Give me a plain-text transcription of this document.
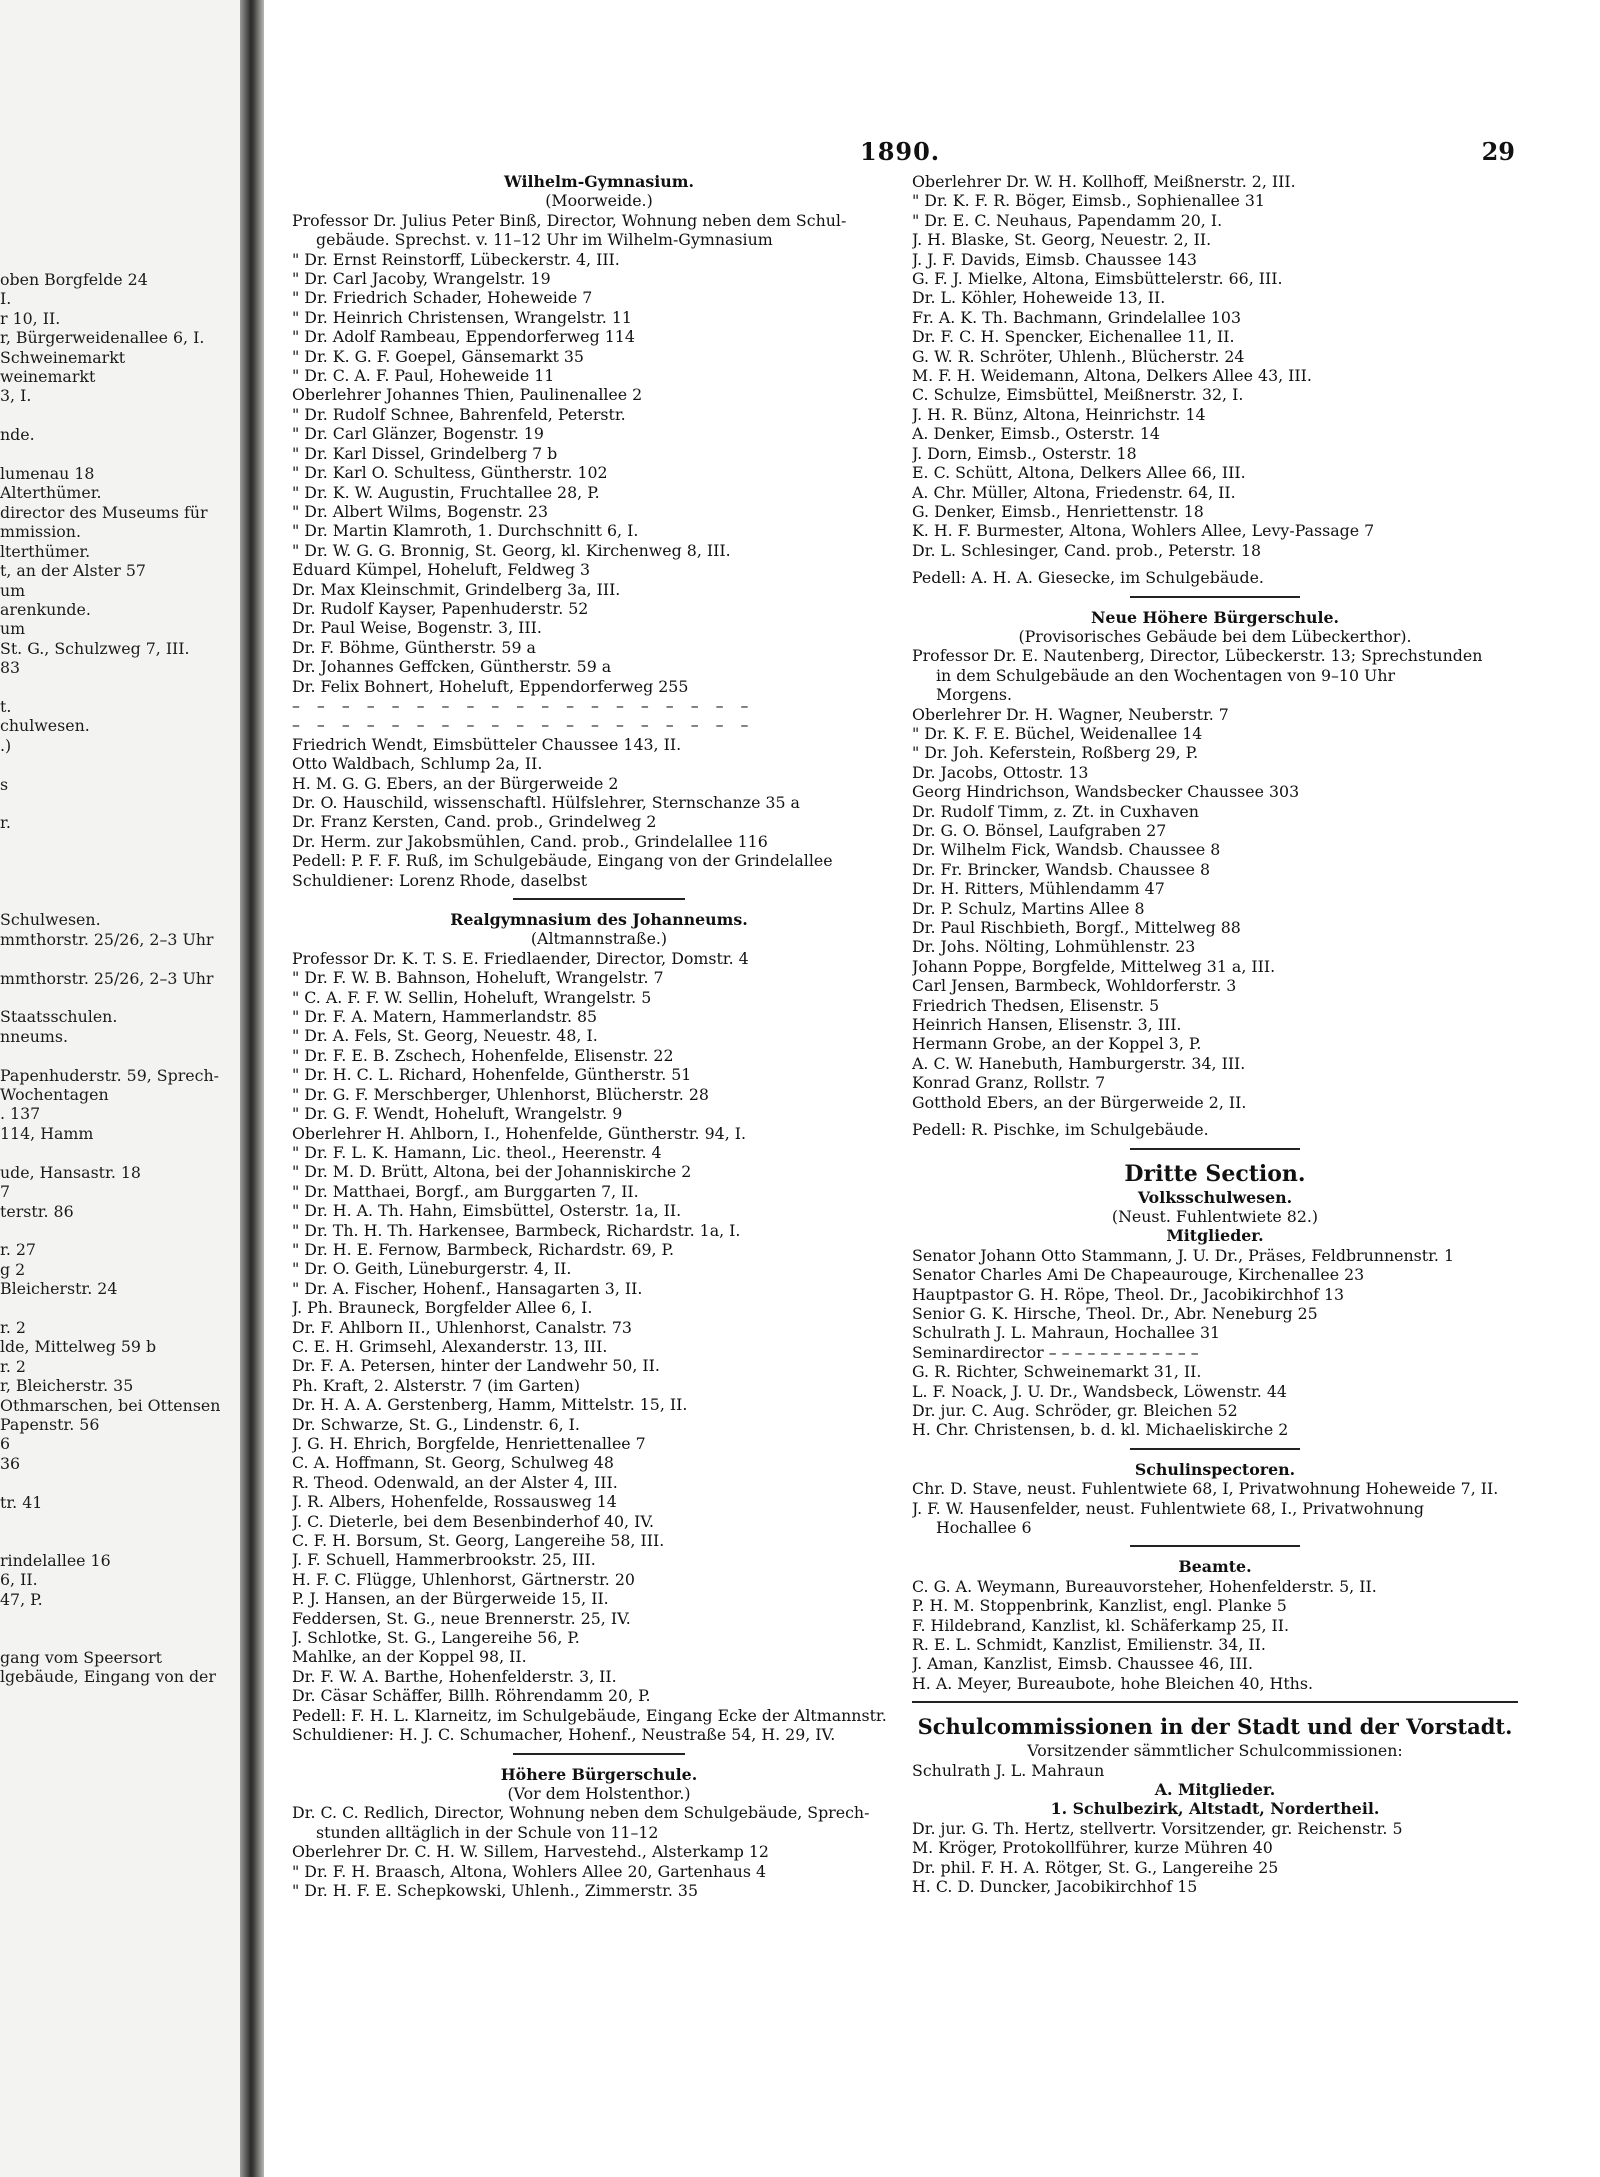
oben Borgfelde 24
I.
r 10, II.
r, Bürgerweidenallee 6, I.
Schweinemarkt
weinemarkt
3, I.

nde.

lumenau 18
Alterthümer.
director des Museums für
mmission.
lterthümer.
t, an der Alster 57
um
arenkunde.
um
St. G., Schulzweg 7, III.
83

t.
chulwesen.
.)

s

r.

Schulwesen.
mmthorstr. 25/26, 2–3 Uhr

mmthorstr. 25/26, 2–3 Uhr

Staatsschulen.
nneums.

Papenhuderstr. 59, Sprech-
Wochentagen
. 137
114, Hamm

ude, Hansastr. 18
7
terstr. 86

r. 27
g 2
Bleicherstr. 24

r. 2
lde, Mittelweg 59 b
r. 2
r, Bleicherstr. 35
Othmarschen, bei Ottensen
Papenstr. 56
6
36

tr. 41

rindelallee 16
6, II.
47, P.

gang vom Speersort
lgebäude, Eingang von der
1890.	29
Wilhelm-Gymnasium.
(Moorweide.)
Professor Dr. Julius Peter Binß, Director, Wohnung neben dem Schul-
gebäude. Sprechst. v. 11–12 Uhr im Wilhelm-Gymnasium
" Dr. Ernst Reinstorff, Lübeckerstr. 4, III.
" Dr. Carl Jacoby, Wrangelstr. 19
" Dr. Friedrich Schader, Hoheweide 7
" Dr. Heinrich Christensen, Wrangelstr. 11
" Dr. Adolf Rambeau, Eppendorferweg 114
" Dr. K. G. F. Goepel, Gänsemarkt 35
" Dr. C. A. F. Paul, Hoheweide 11
Oberlehrer Johannes Thien, Paulinenallee 2
" Dr. Rudolf Schnee, Bahrenfeld, Peterstr.
" Dr. Carl Glänzer, Bogenstr. 19
" Dr. Karl Dissel, Grindelberg 7 b
" Dr. Karl O. Schultess, Güntherstr. 102
" Dr. K. W. Augustin, Fruchtallee 28, P.
" Dr. Albert Wilms, Bogenstr. 23
" Dr. Martin Klamroth, 1. Durchschnitt 6, I.
" Dr. W. G. G. Bronnig, St. Georg, kl. Kirchenweg 8, III.
Eduard Kümpel, Hoheluft, Feldweg 3
Dr. Max Kleinschmit, Grindelberg 3a, III.
Dr. Rudolf Kayser, Papenhuderstr. 52
Dr. Paul Weise, Bogenstr. 3, III.
Dr. F. Böhme, Güntherstr. 59 a
Dr. Johannes Geffcken, Güntherstr. 59 a
Dr. Felix Bohnert, Hoheluft, Eppendorferweg 255
– – – – – – – – – – – – – – – – – – –
– – – – – – – – – – – – – – – – – – –
Friedrich Wendt, Eimsbütteler Chaussee 143, II.
Otto Waldbach, Schlump 2a, II.
H. M. G. G. Ebers, an der Bürgerweide 2
Dr. O. Hauschild, wissenschaftl. Hülfslehrer, Sternschanze 35 a
Dr. Franz Kersten, Cand. prob., Grindelweg 2
Dr. Herm. zur Jakobsmühlen, Cand. prob., Grindelallee 116
Pedell: P. F. F. Ruß, im Schulgebäude, Eingang von der Grindelallee
Schuldiener: Lorenz Rhode, daselbst
Realgymnasium des Johanneums.
(Altmannstraße.)
Professor Dr. K. T. S. E. Friedlaender, Director, Domstr. 4
" Dr. F. W. B. Bahnson, Hoheluft, Wrangelstr. 7
" C. A. F. F. W. Sellin, Hoheluft, Wrangelstr. 5
" Dr. F. A. Matern, Hammerlandstr. 85
" Dr. A. Fels, St. Georg, Neuestr. 48, I.
" Dr. F. E. B. Zschech, Hohenfelde, Elisenstr. 22
" Dr. H. C. L. Richard, Hohenfelde, Güntherstr. 51
" Dr. G. F. Merschberger, Uhlenhorst, Blücherstr. 28
" Dr. G. F. Wendt, Hoheluft, Wrangelstr. 9
Oberlehrer H. Ahlborn, I., Hohenfelde, Güntherstr. 94, I.
" Dr. F. L. K. Hamann, Lic. theol., Heerenstr. 4
" Dr. M. D. Brütt, Altona, bei der Johanniskirche 2
" Dr. Matthaei, Borgf., am Burggarten 7, II.
" Dr. H. A. Th. Hahn, Eimsbüttel, Osterstr. 1a, II.
" Dr. Th. H. Th. Harkensee, Barmbeck, Richardstr. 1a, I.
" Dr. H. E. Fernow, Barmbeck, Richardstr. 69, P.
" Dr. O. Geith, Lüneburgerstr. 4, II.
" Dr. A. Fischer, Hohenf., Hansagarten 3, II.
J. Ph. Brauneck, Borgfelder Allee 6, I.
Dr. F. Ahlborn II., Uhlenhorst, Canalstr. 73
C. E. H. Grimsehl, Alexanderstr. 13, III.
Dr. F. A. Petersen, hinter der Landwehr 50, II.
Ph. Kraft, 2. Alsterstr. 7 (im Garten)
Dr. H. A. A. Gerstenberg, Hamm, Mittelstr. 15, II.
Dr. Schwarze, St. G., Lindenstr. 6, I.
J. G. H. Ehrich, Borgfelde, Henriettenallee 7
C. A. Hoffmann, St. Georg, Schulweg 48
R. Theod. Odenwald, an der Alster 4, III.
J. R. Albers, Hohenfelde, Rossausweg 14
J. C. Dieterle, bei dem Besenbinderhof 40, IV.
C. F. H. Borsum, St. Georg, Langereihe 58, III.
J. F. Schuell, Hammerbrookstr. 25, III.
H. F. C. Flügge, Uhlenhorst, Gärtnerstr. 20
P. J. Hansen, an der Bürgerweide 15, II.
Feddersen, St. G., neue Brennerstr. 25, IV.
J. Schlotke, St. G., Langereihe 56, P.
Mahlke, an der Koppel 98, II.
Dr. F. W. A. Barthe, Hohenfelderstr. 3, II.
Dr. Cäsar Schäffer, Billh. Röhrendamm 20, P.
Pedell: F. H. L. Klarneitz, im Schulgebäude, Eingang Ecke der Altmannstr.
Schuldiener: H. J. C. Schumacher, Hohenf., Neustraße 54, H. 29, IV.
Höhere Bürgerschule.
(Vor dem Holstenthor.)
Dr. C. C. Redlich, Director, Wohnung neben dem Schulgebäude, Sprech-
stunden alltäglich in der Schule von 11–12
Oberlehrer Dr. C. H. W. Sillem, Harvestehd., Alsterkamp 12
" Dr. F. H. Braasch, Altona, Wohlers Allee 20, Gartenhaus 4
" Dr. H. F. E. Schepkowski, Uhlenh., Zimmerstr. 35
Oberlehrer Dr. W. H. Kollhoff, Meißnerstr. 2, III.
" Dr. K. F. R. Böger, Eimsb., Sophienallee 31
" Dr. E. C. Neuhaus, Papendamm 20, I.
J. H. Blaske, St. Georg, Neuestr. 2, II.
J. J. F. Davids, Eimsb. Chaussee 143
G. F. J. Mielke, Altona, Eimsbüttelerstr. 66, III.
Dr. L. Köhler, Hoheweide 13, II.
Fr. A. K. Th. Bachmann, Grindelallee 103
Dr. F. C. H. Spencker, Eichenallee 11, II.
G. W. R. Schröter, Uhlenh., Blücherstr. 24
M. F. H. Weidemann, Altona, Delkers Allee 43, III.
C. Schulze, Eimsbüttel, Meißnerstr. 32, I.
J. H. R. Bünz, Altona, Heinrichstr. 14
A. Denker, Eimsb., Osterstr. 14
J. Dorn, Eimsb., Osterstr. 18
E. C. Schütt, Altona, Delkers Allee 66, III.
A. Chr. Müller, Altona, Friedenstr. 64, II.
G. Denker, Eimsb., Henriettenstr. 18
K. H. F. Burmester, Altona, Wohlers Allee, Levy-Passage 7
Dr. L. Schlesinger, Cand. prob., Peterstr. 18
Pedell: A. H. A. Giesecke, im Schulgebäude.
Neue Höhere Bürgerschule.
(Provisorisches Gebäude bei dem Lübeckerthor).
Professor Dr. E. Nautenberg, Director, Lübeckerstr. 13; Sprechstunden
in dem Schulgebäude an den Wochentagen von 9–10 Uhr
Morgens.
Oberlehrer Dr. H. Wagner, Neuberstr. 7
" Dr. K. F. E. Büchel, Weidenallee 14
" Dr. Joh. Keferstein, Roßberg 29, P.
Dr. Jacobs, Ottostr. 13
Georg Hindrichson, Wandsbecker Chaussee 303
Dr. Rudolf Timm, z. Zt. in Cuxhaven
Dr. G. O. Bönsel, Laufgraben 27
Dr. Wilhelm Fick, Wandsb. Chaussee 8
Dr. Fr. Brincker, Wandsb. Chaussee 8
Dr. H. Ritters, Mühlendamm 47
Dr. P. Schulz, Martins Allee 8
Dr. Paul Rischbieth, Borgf., Mittelweg 88
Dr. Johs. Nölting, Lohmühlenstr. 23
Johann Poppe, Borgfelde, Mittelweg 31 a, III.
Carl Jensen, Barmbeck, Wohldorferstr. 3
Friedrich Thedsen, Elisenstr. 5
Heinrich Hansen, Elisenstr. 3, III.
Hermann Grobe, an der Koppel 3, P.
A. C. W. Hanebuth, Hamburgerstr. 34, III.
Konrad Granz, Rollstr. 7
Gotthold Ebers, an der Bürgerweide 2, II.
Pedell: R. Pischke, im Schulgebäude.
Dritte Section.
Volksschulwesen.
(Neust. Fuhlentwiete 82.)
Mitglieder.
Senator Johann Otto Stammann, J. U. Dr., Präses, Feldbrunnenstr. 1
Senator Charles Ami De Chapeaurouge, Kirchenallee 23
Hauptpastor G. H. Röpe, Theol. Dr., Jacobikirchhof 13
Senior G. K. Hirsche, Theol. Dr., Abr. Neneburg 25
Schulrath J. L. Mahraun, Hochallee 31
Seminardirector – – – – – – – – – – – –
G. R. Richter, Schweinemarkt 31, II.
L. F. Noack, J. U. Dr., Wandsbeck, Löwenstr. 44
Dr. jur. C. Aug. Schröder, gr. Bleichen 52
H. Chr. Christensen, b. d. kl. Michaeliskirche 2
Schulinspectoren.
Chr. D. Stave, neust. Fuhlentwiete 68, I, Privatwohnung Hoheweide 7, II.
J. F. W. Hausenfelder, neust. Fuhlentwiete 68, I., Privatwohnung
Hochallee 6
Beamte.
C. G. A. Weymann, Bureauvorsteher, Hohenfelderstr. 5, II.
P. H. M. Stoppenbrink, Kanzlist, engl. Planke 5
F. Hildebrand, Kanzlist, kl. Schäferkamp 25, II.
R. E. L. Schmidt, Kanzlist, Emilienstr. 34, II.
J. Aman, Kanzlist, Eimsb. Chaussee 46, III.
H. A. Meyer, Bureaubote, hohe Bleichen 40, Hths.
Schulcommissionen in der Stadt und der Vorstadt.
Vorsitzender sämmtlicher Schulcommissionen:
Schulrath J. L. Mahraun
A. Mitglieder.
1. Schulbezirk, Altstadt, Nordertheil.
Dr. jur. G. Th. Hertz, stellvertr. Vorsitzender, gr. Reichenstr. 5
M. Kröger, Protokollführer, kurze Mühren 40
Dr. phil. F. H. A. Rötger, St. G., Langereihe 25
H. C. D. Duncker, Jacobikirchhof 15
